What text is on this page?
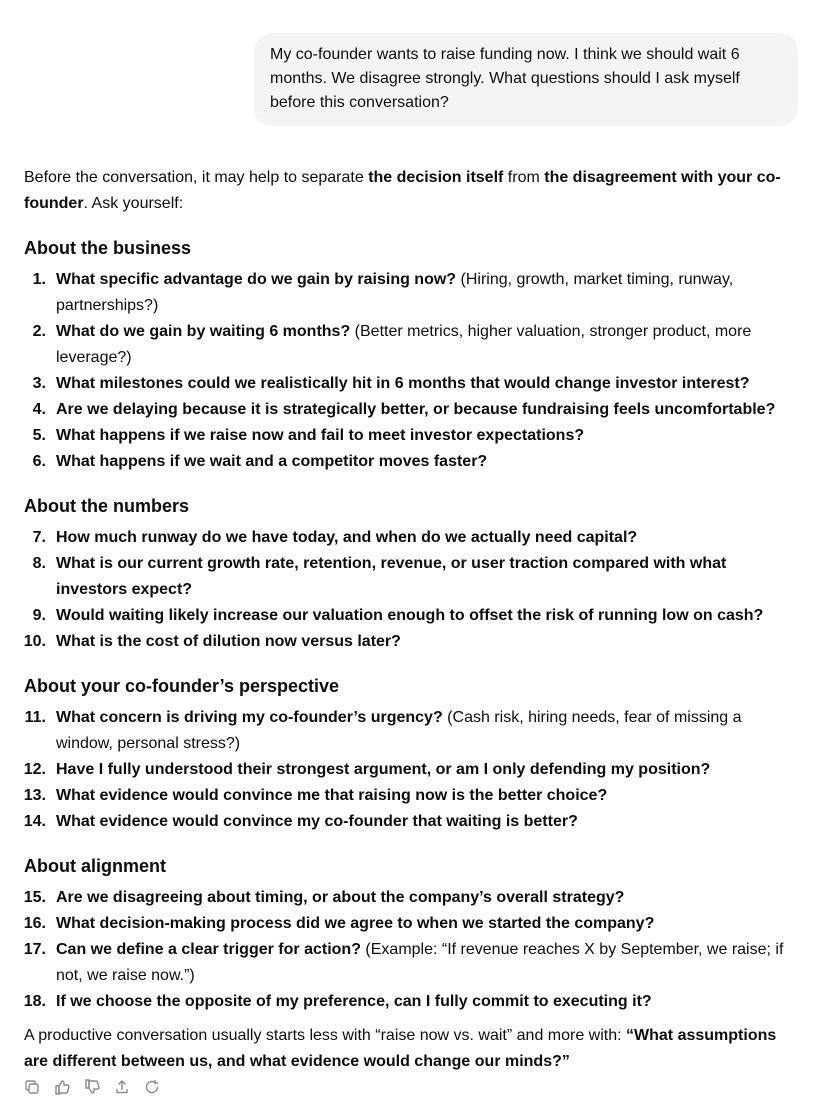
My co-founder wants to raise funding now. I think we should wait 6 months. We disagree strongly. What questions should I ask myself before this conversation?

Before the conversation, it may help to separate the decision itself from the disagreement with your co-founder. Ask yourself:

About the business
1. What specific advantage do we gain by raising now? (Hiring, growth, market timing, runway, partnerships?)
2. What do we gain by waiting 6 months? (Better metrics, higher valuation, stronger product, more leverage?)
3. What milestones could we realistically hit in 6 months that would change investor interest?
4. Are we delaying because it is strategically better, or because fundraising feels uncomfortable?
5. What happens if we raise now and fail to meet investor expectations?
6. What happens if we wait and a competitor moves faster?
About the numbers
7. How much runway do we have today, and when do we actually need capital?
8. What is our current growth rate, retention, revenue, or user traction compared with what investors expect?
9. Would waiting likely increase our valuation enough to offset the risk of running low on cash?
10. What is the cost of dilution now versus later?
About your co-founder’s perspective
11. What concern is driving my co-founder’s urgency? (Cash risk, hiring needs, fear of missing a window, personal stress?)
12. Have I fully understood their strongest argument, or am I only defending my position?
13. What evidence would convince me that raising now is the better choice?
14. What evidence would convince my co-founder that waiting is better?
About alignment
15. Are we disagreeing about timing, or about the company’s overall strategy?
16. What decision-making process did we agree to when we started the company?
17. Can we define a clear trigger for action? (Example: “If revenue reaches X by September, we raise; if not, we raise now.”)
18. If we choose the opposite of my preference, can I fully commit to executing it?

A productive conversation usually starts less with “raise now vs. wait” and more with: “What assumptions are different between us, and what evidence would change our minds?”
